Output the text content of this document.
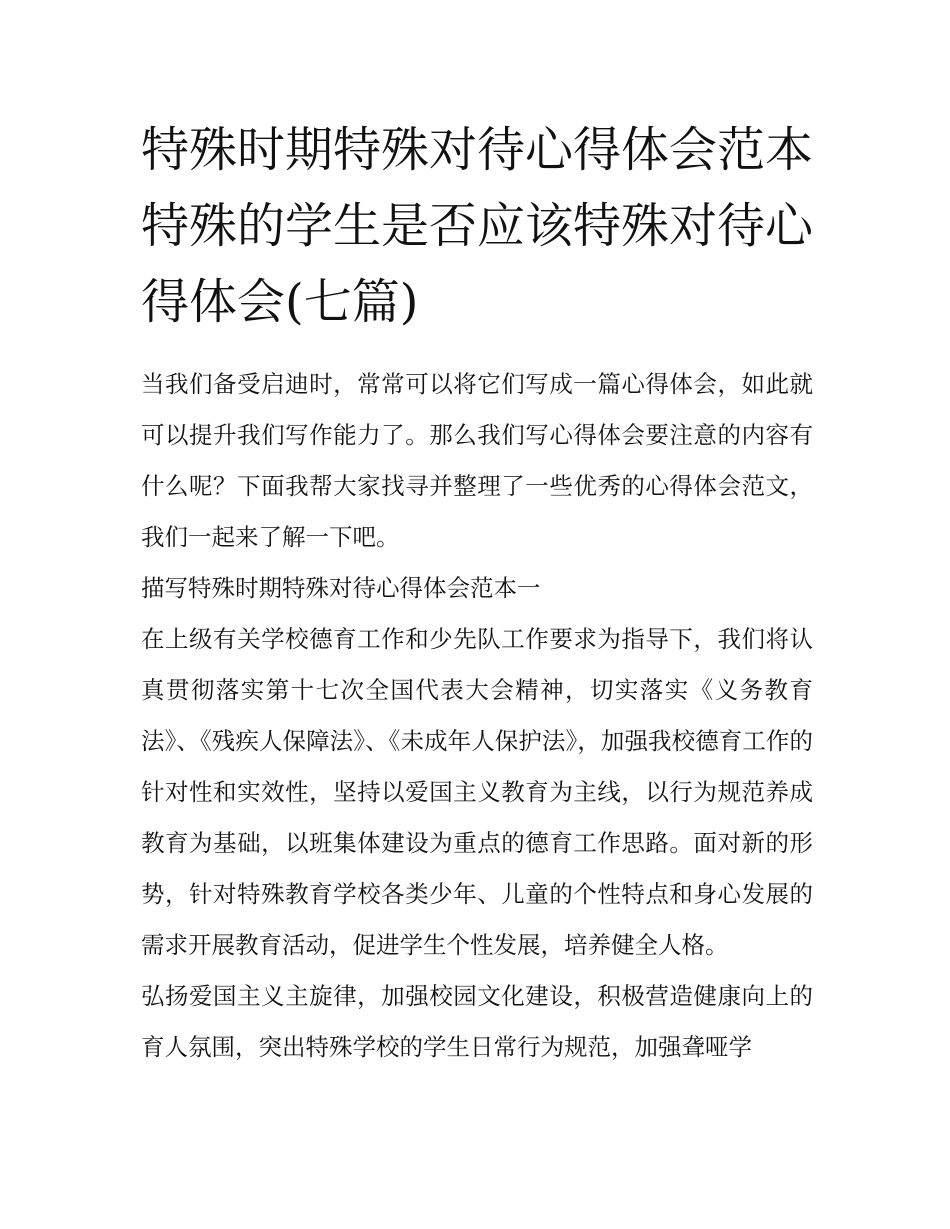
特殊时期特殊对待心得体会范本 特殊的学生是否应该特殊对待心得体会(七篇)

当我们备受启迪时，常常可以将它们写成一篇心得体会，如此就可以提升我们写作能力了。那么我们写心得体会要注意的内容有什么呢？下面我帮大家找寻并整理了一些优秀的心得体会范文，我们一起来了解一下吧。

描写特殊时期特殊对待心得体会范本一

在上级有关学校德育工作和少先队工作要求为指导下，我们将认真贯彻落实第十七次全国代表大会精神，切实落实《义务教育法》、《残疾人保障法》、《未成年人保护法》，加强我校德育工作的针对性和实效性，坚持以爱国主义教育为主线，以行为规范养成教育为基础，以班集体建设为重点的德育工作思路。面对新的形势，针对特殊教育学校各类少年、儿童的个性特点和身心发展的需求开展教育活动，促进学生个性发展，培养健全人格。

弘扬爱国主义主旋律，加强校园文化建设，积极营造健康向上的育人氛围，突出特殊学校的学生日常行为规范，加强聋哑学
